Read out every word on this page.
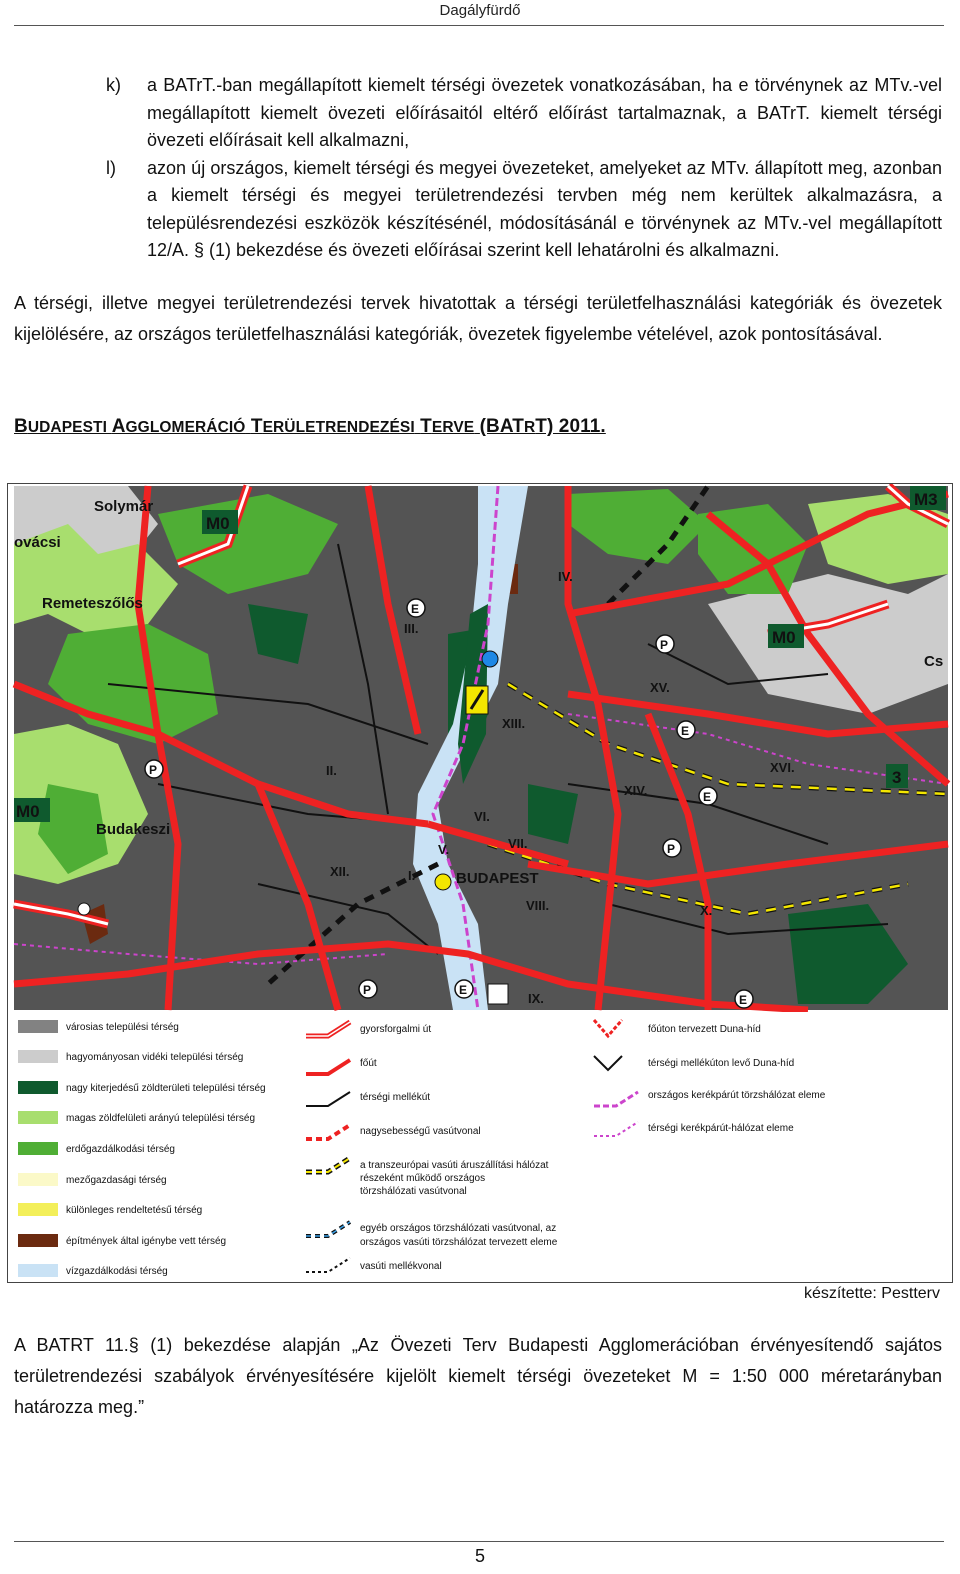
Dagályfürdő
k) a BATrT.-ban megállapított kiemelt térségi övezetek vonatkozásában, ha e törvénynek az MTv.-vel megállapított kiemelt övezeti előírásaitól eltérő előírást tartalmaznak, a BATrT. kiemelt térségi övezeti előírásait kell alkalmazni,
l) azon új országos, kiemelt térségi és megyei övezeteket, amelyeket az MTv. állapított meg, azonban a kiemelt térségi és megyei területrendezési tervben még nem kerültek alkalmazásra, a településrendezési eszközök készítésénél, módosításánál e törvénynek az MTv.-vel megállapított 12/A. § (1) bekezdése és övezeti előírásai szerint kell lehatárolni és alkalmazni.

A térségi, illetve megyei területrendezési tervek hivatottak a térségi területfelhasználási kategóriák és övezetek kijelölésére, az országos területfelhasználási kategóriák, övezetek figyelembe vételével, azok pontosításával.

BUDAPESTI AGGLOMERÁCIÓ TERÜLETRENDEZÉSI TERVE (BATRT) 2011.
IV.
III.
XIII.
XV.
II.	XVI.
XIV.
VI.
VII.
V.
XII.	I.
VIII.	X.
IX.
Solymár
ovácsi
Remeteszőlős
Budakeszi
BUDAPEST
Cs
M0
M0
M0
M3
3
P
P
P
P
E
E
E
E
E
városias települési térség
hagyományosan vidéki települési térség
nagy kiterjedésű zöldterületi települési térség
magas zöldfelületi arányú települési térség
erdőgazdálkodási térség
mezőgazdasági térség
különleges rendeltetésű térség
építmények által igénybe vett térség
vízgazdálkodási térség
gyorsforgalmi út
főút
térségi mellékút
nagysebességű vasútvonal
a transzeurópai vasúti áruszállítási hálózat
részeként működő országos
törzshálózati vasútvonal
egyéb országos törzshálózati vasútvonal, az
országos vasúti törzshálózat tervezett eleme
vasúti mellékvonal
főúton tervezett Duna-híd
térségi mellékúton levő Duna-híd
országos kerékpárút törzshálózat eleme
térségi kerékpárút-hálózat eleme
készítette: Pestterv

A BATRT 11.§ (1) bekezdése alapján „Az Övezeti Terv Budapesti Agglomerációban érvényesítendő sajátos területrendezési szabályok érvényesítésére kijelölt kiemelt térségi övezeteket M = 1:50 000 méretarányban határozza meg.”

5
